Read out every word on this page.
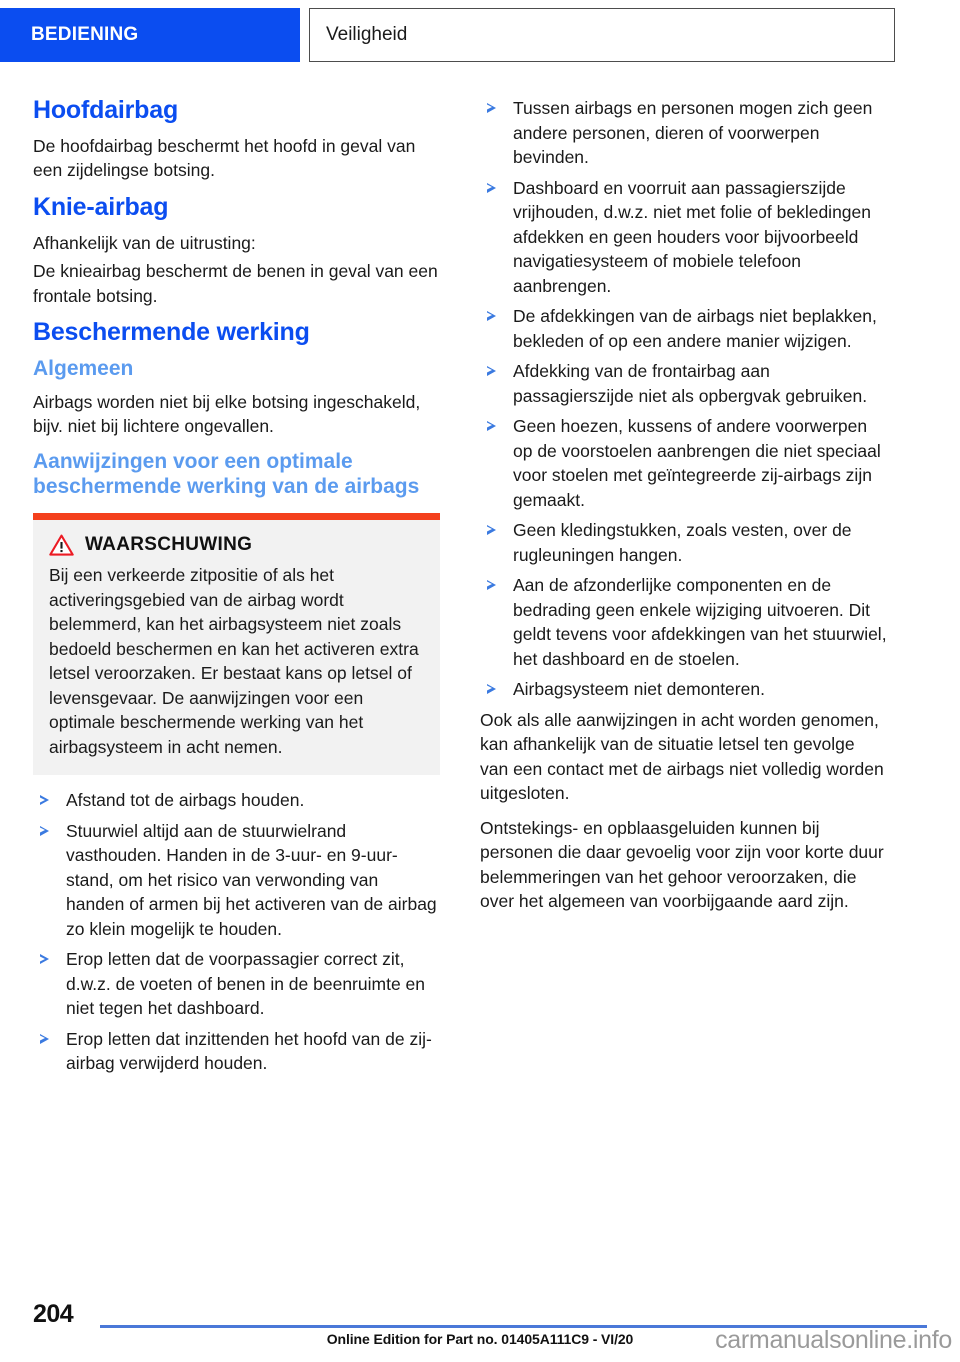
BEDIENING	Veiligheid
Hoofdairbag

De hoofdairbag beschermt het hoofd in geval van een zijdelingse botsing.

Knie-airbag

Afhankelijk van de uitrusting:

De knieairbag beschermt de benen in geval van een frontale botsing.

Beschermende werking
Algemeen

Airbags worden niet bij elke botsing ingeschakeld, bijv. niet bij lichtere ongevallen.

Aanwijzingen voor een optimale beschermende werking van de airbags
WAARSCHUWING

Bij een verkeerde zitpositie of als het activeringsgebied van de airbag wordt belemmerd, kan het airbagsysteem niet zoals bedoeld beschermen en kan het activeren extra letsel veroorzaken. Er bestaat kans op letsel of levensgevaar. De aanwijzingen voor een optimale beschermende werking van het airbagsysteem in acht nemen.

Afstand tot de airbags houden.
Stuurwiel altijd aan de stuurwielrand vasthouden. Handen in de 3-uur- en 9-uur-stand, om het risico van verwonding van handen of armen bij het activeren van de airbag zo klein mogelijk te houden.
Erop letten dat de voorpassagier correct zit, d.w.z. de voeten of benen in de beenruimte en niet tegen het dashboard.
Erop letten dat inzittenden het hoofd van de zij-airbag verwijderd houden.
Tussen airbags en personen mogen zich geen andere personen, dieren of voorwerpen bevinden.
Dashboard en voorruit aan passagierszijde vrijhouden, d.w.z. niet met folie of bekledingen afdekken en geen houders voor bijvoorbeeld navigatiesysteem of mobiele telefoon aanbrengen.
De afdekkingen van de airbags niet beplakken, bekleden of op een andere manier wijzigen.
Afdekking van de frontairbag aan passagierszijde niet als opbergvak gebruiken.
Geen hoezen, kussens of andere voorwerpen op de voorstoelen aanbrengen die niet speciaal voor stoelen met geïntegreerde zij-airbags zijn gemaakt.
Geen kledingstukken, zoals vesten, over de rugleuningen hangen.
Aan de afzonderlijke componenten en de bedrading geen enkele wijziging uitvoeren. Dit geldt tevens voor afdekkingen van het stuurwiel, het dashboard en de stoelen.
Airbagsysteem niet demonteren.

Ook als alle aanwijzingen in acht worden genomen, kan afhankelijk van de situatie letsel ten gevolge van een contact met de airbags niet volledig worden uitgesloten.

Ontstekings- en opblaasgeluiden kunnen bij personen die daar gevoelig voor zijn voor korte duur belemmeringen van het gehoor veroorzaken, die over het algemeen van voorbijgaande aard zijn.

204
Online Edition for Part no. 01405A111C9 - VI/20	carmanualsonline.info
